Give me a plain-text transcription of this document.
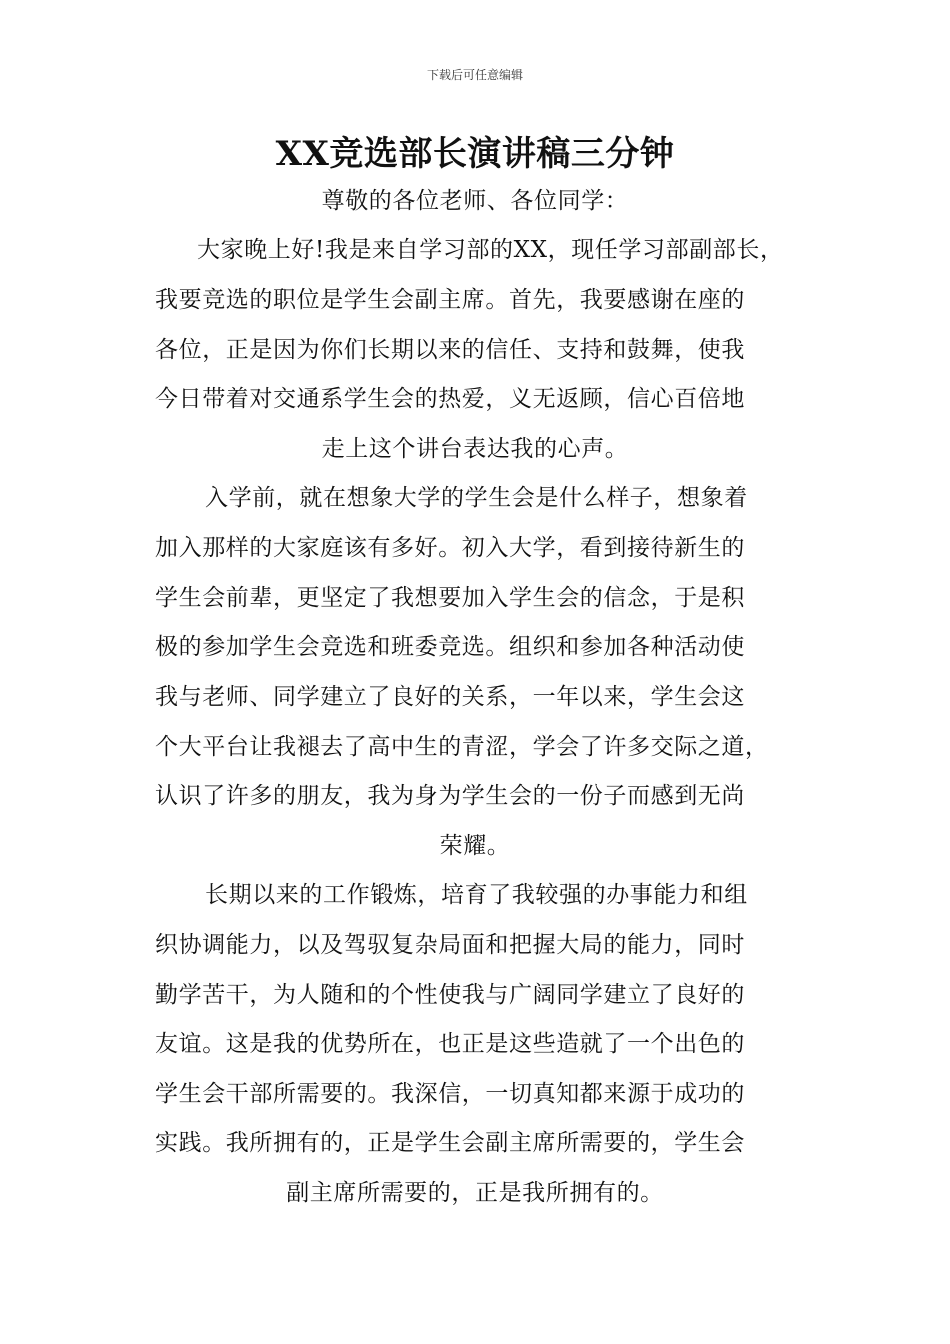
下载后可任意编辑
XX竞选部长演讲稿三分钟
尊敬的各位老师、各位同学：
大家晚上好!我是来自学习部的XX，现任学习部副部长，
我要竞选的职位是学生会副主席。首先，我要感谢在座的
各位，正是因为你们长期以来的信任、支持和鼓舞，使我
今日带着对交通系学生会的热爱，义无返顾，信心百倍地
走上这个讲台表达我的心声。
入学前，就在想象大学的学生会是什么样子，想象着
加入那样的大家庭该有多好。初入大学，看到接待新生的
学生会前辈，更坚定了我想要加入学生会的信念，于是积
极的参加学生会竞选和班委竞选。组织和参加各种活动使
我与老师、同学建立了良好的关系，一年以来，学生会这
个大平台让我褪去了高中生的青涩，学会了许多交际之道，
认识了许多的朋友，我为身为学生会的一份子而感到无尚
荣耀。
长期以来的工作锻炼，培育了我较强的办事能力和组
织协调能力，以及驾驭复杂局面和把握大局的能力，同时
勤学苦干，为人随和的个性使我与广阔同学建立了良好的
友谊。这是我的优势所在，也正是这些造就了一个出色的
学生会干部所需要的。我深信，一切真知都来源于成功的
实践。我所拥有的，正是学生会副主席所需要的，学生会
副主席所需要的，正是我所拥有的。
